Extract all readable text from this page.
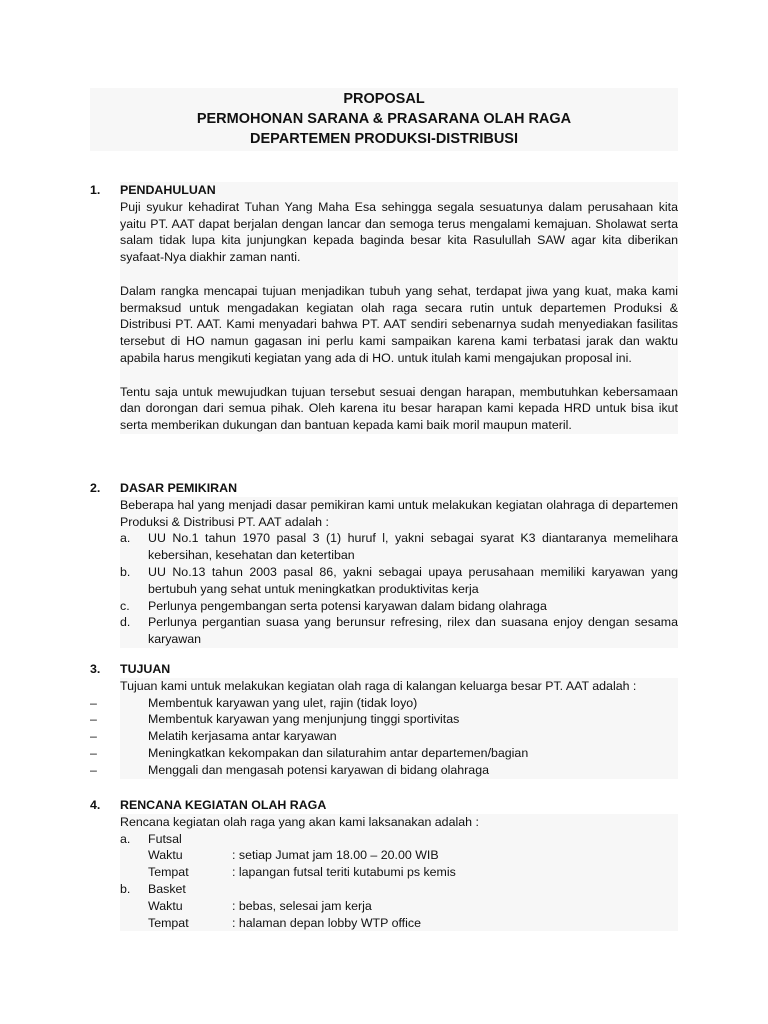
PROPOSAL
PERMOHONAN SARANA & PRASARANA OLAH RAGA
DEPARTEMEN PRODUKSI-DISTRIBUSI
1.	PENDAHULUAN

Puji syukur kehadirat Tuhan Yang Maha Esa sehingga segala sesuatunya dalam perusahaan kita yaitu PT. AAT dapat berjalan dengan lancar dan semoga terus mengalami kemajuan. Sholawat serta salam tidak lupa kita junjungkan kepada baginda besar kita Rasulullah SAW agar kita diberikan syafaat-Nya diakhir zaman nanti.

Dalam rangka mencapai tujuan menjadikan tubuh yang sehat, terdapat jiwa yang kuat, maka kami bermaksud untuk mengadakan kegiatan olah raga secara rutin untuk departemen Produksi & Distribusi PT. AAT. Kami menyadari bahwa PT. AAT sendiri sebenarnya sudah menyediakan fasilitas tersebut di HO namun gagasan ini perlu kami sampaikan karena kami terbatasi jarak dan waktu apabila harus mengikuti kegiatan yang ada di HO. untuk itulah kami mengajukan proposal ini.

Tentu saja untuk mewujudkan tujuan tersebut sesuai dengan harapan, membutuhkan kebersamaan dan dorongan dari semua pihak. Oleh karena itu besar harapan kami kepada HRD untuk bisa ikut serta memberikan dukungan dan bantuan kepada kami baik moril maupun materil.

2.	DASAR PEMIKIRAN

Beberapa hal yang menjadi dasar pemikiran kami untuk melakukan kegiatan olahraga di departemen Produksi & Distribusi PT. AAT adalah :

a.	UU No.1 tahun 1970 pasal 3 (1) huruf l, yakni sebagai syarat K3 diantaranya memelihara kebersihan, kesehatan dan ketertiban
b.	UU No.13 tahun 2003 pasal 86, yakni sebagai upaya perusahaan memiliki karyawan yang bertubuh yang sehat untuk meningkatkan produktivitas kerja
c.	Perlunya pengembangan serta potensi karyawan dalam bidang olahraga
d.	Perlunya pergantian suasa yang berunsur refresing, rilex dan suasana enjoy dengan sesama karyawan
3.	TUJUAN

Tujuan kami untuk melakukan kegiatan olah raga di kalangan keluarga besar PT. AAT adalah :

–	Membentuk karyawan yang ulet, rajin (tidak loyo)
–	Membentuk karyawan yang menjunjung tinggi sportivitas
–	Melatih kerjasama antar karyawan
–	Meningkatkan kekompakan dan silaturahim antar departemen/bagian
–	Menggali dan mengasah potensi karyawan di bidang olahraga
4.	RENCANA KEGIATAN OLAH RAGA

Rencana kegiatan olah raga yang akan kami laksanakan adalah :

a.	Futsal
Waktu	: setiap Jumat jam 18.00 – 20.00 WIB
Tempat	: lapangan futsal teriti kutabumi ps kemis
b.	Basket
Waktu	: bebas, selesai jam kerja
Tempat	: halaman depan lobby WTP office
